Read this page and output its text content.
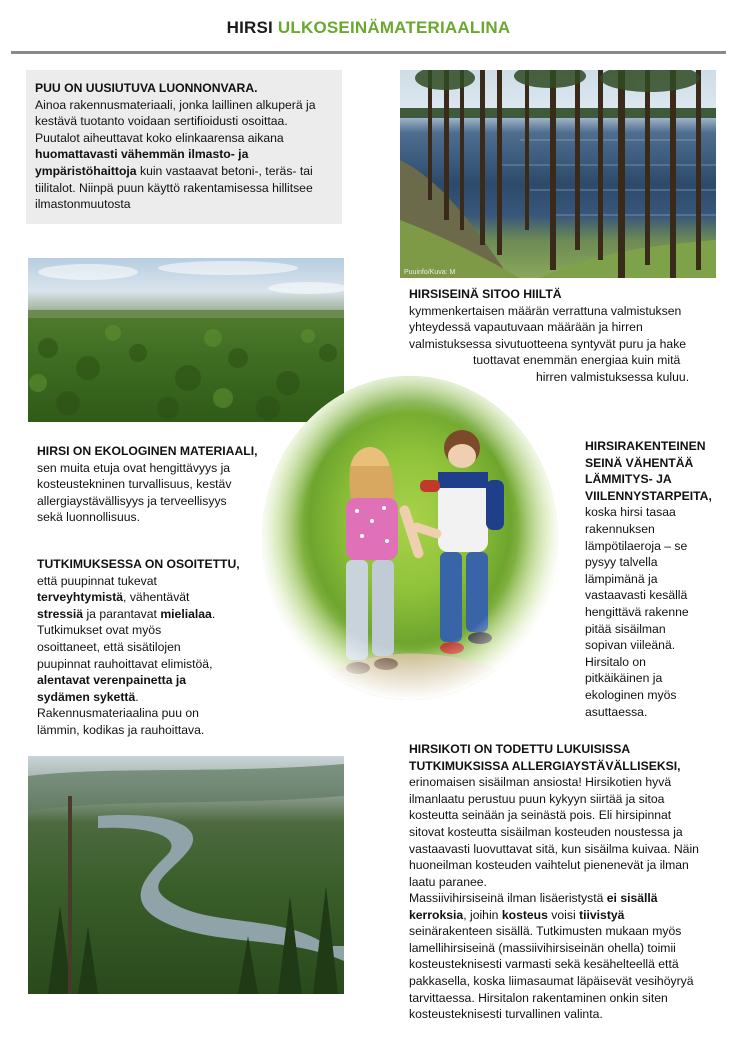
HIRSI ULKOSEINÄMATERIAALINA

PUU ON UUSIUTUVA LUONNONVARA.

Ainoa rakennusmateriaali, jonka laillinen alkuperä ja

kestävä tuotanto voidaan sertifioidusti osoittaa.

Puutalot aiheuttavat koko elinkaarensa aikana

huomattavasti vähemmän ilmasto- ja

ympäristöhaittoja kuin vastaavat betoni-, teräs- tai

tiilitalot. Niinpä puun käyttö rakentamisessa hillitsee

ilmastonmuutosta

Puuinfo/Kuva: M

HIRSISEINÄ SITOO HIILTÄ

kymmenkertaisen määrän verrattuna valmistuksen

yhteydessä vapautuvaan määrään ja hirren

valmistuksessa sivutuotteena syntyvät puru ja hake

tuottavat enemmän energiaa kuin mitä

hirren valmistuksessa kuluu.

HIRSI ON EKOLOGINEN MATERIAALI,

sen muita etuja ovat hengittävyys ja

kosteustekninen turvallisuus, kestäv

allergiaystävällisyys ja terveellisyys

sekä luonnollisuus.

TUTKIMUKSESSA ON OSOITETTU,

että puupinnat tukevat

terveyhtymistä, vähentävät

stressiä ja parantavat mielialaa.

Tutkimukset ovat myös

osoittaneet, että sisätilojen

puupinnat rauhoittavat elimistöä,

alentavat verenpainetta ja

sydämen sykettä.

Rakennusmateriaalina puu on

lämmin, kodikas ja rauhoittava.

HIRSIRAKENTEINEN

SEINÄ VÄHENTÄÄ

LÄMMITYS- JA

VIILENNYSTARPEITA,

koska hirsi tasaa

rakennuksen

lämpötilaeroja – se

pysyy talvella

lämpimänä ja

vastaavasti kesällä

hengittävä rakenne

pitää sisäilman

sopivan viileänä.

Hirsitalo on

pitkäikäinen ja

ekologinen myös

asuttaessa.

HIRSIKOTI ON TODETTU LUKUISISSA

TUTKIMUKSISSA ALLERGIAYSTÄVÄLLISEKSI,

erinomaisen sisäilman ansiosta! Hirsikotien hyvä

ilmanlaatu perustuu puun kykyyn siirtää ja sitoa

kosteutta seinään ja seinästä pois. Eli hirsipinnat

sitovat kosteutta sisäilman kosteuden noustessa ja

vastaavasti luovuttavat sitä, kun sisäilma kuivaa. Näin

huoneilman kosteuden vaihtelut pienenevät ja ilman

laatu paranee.

Massiivihirsiseinä ilman lisäeristystä ei sisällä

kerroksia, joihin kosteus voisi tiivistyä

seinärakenteen sisällä. Tutkimusten mukaan myös

lamellihirsiseinä (massiivihirsiseinän ohella) toimii

kosteusteknisesti varmasti sekä kesähelteellä että

pakkasella, koska liimasaumat läpäisevät vesihöyryä

tarvittaessa. Hirsitalon rakentaminen onkin siten

kosteusteknisesti turvallinen valinta.
